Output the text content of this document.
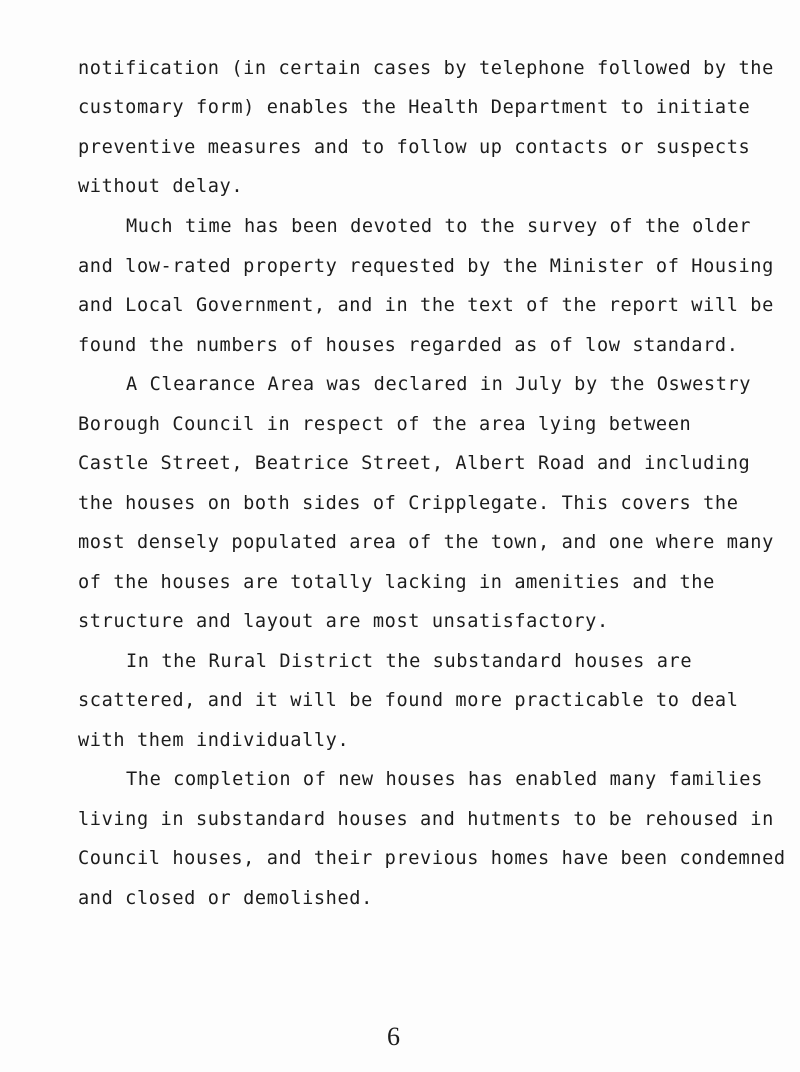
notification (in certain cases by telephone followed by the
customary form) enables the Health Department to initiate
preventive measures and to follow up contacts or suspects
without delay.
Much time has been devoted to the survey of the older
and low-rated property requested by the Minister of Housing
and Local Government, and in the text of the report will be
found the numbers of houses regarded as of low standard.
A Clearance Area was declared in July by the Oswestry
Borough Council in respect of the area lying between
Castle Street, Beatrice Street, Albert Road and including
the houses on both sides of Cripplegate. This covers the
most densely populated area of the town, and one where many
of the houses are totally lacking in amenities and the
structure and layout are most unsatisfactory.
In the Rural District the substandard houses are
scattered, and it will be found more practicable to deal
with them individually.
The completion of new houses has enabled many families
living in substandard houses and hutments to be rehoused in
Council houses, and their previous homes have been condemned
and closed or demolished.
6
